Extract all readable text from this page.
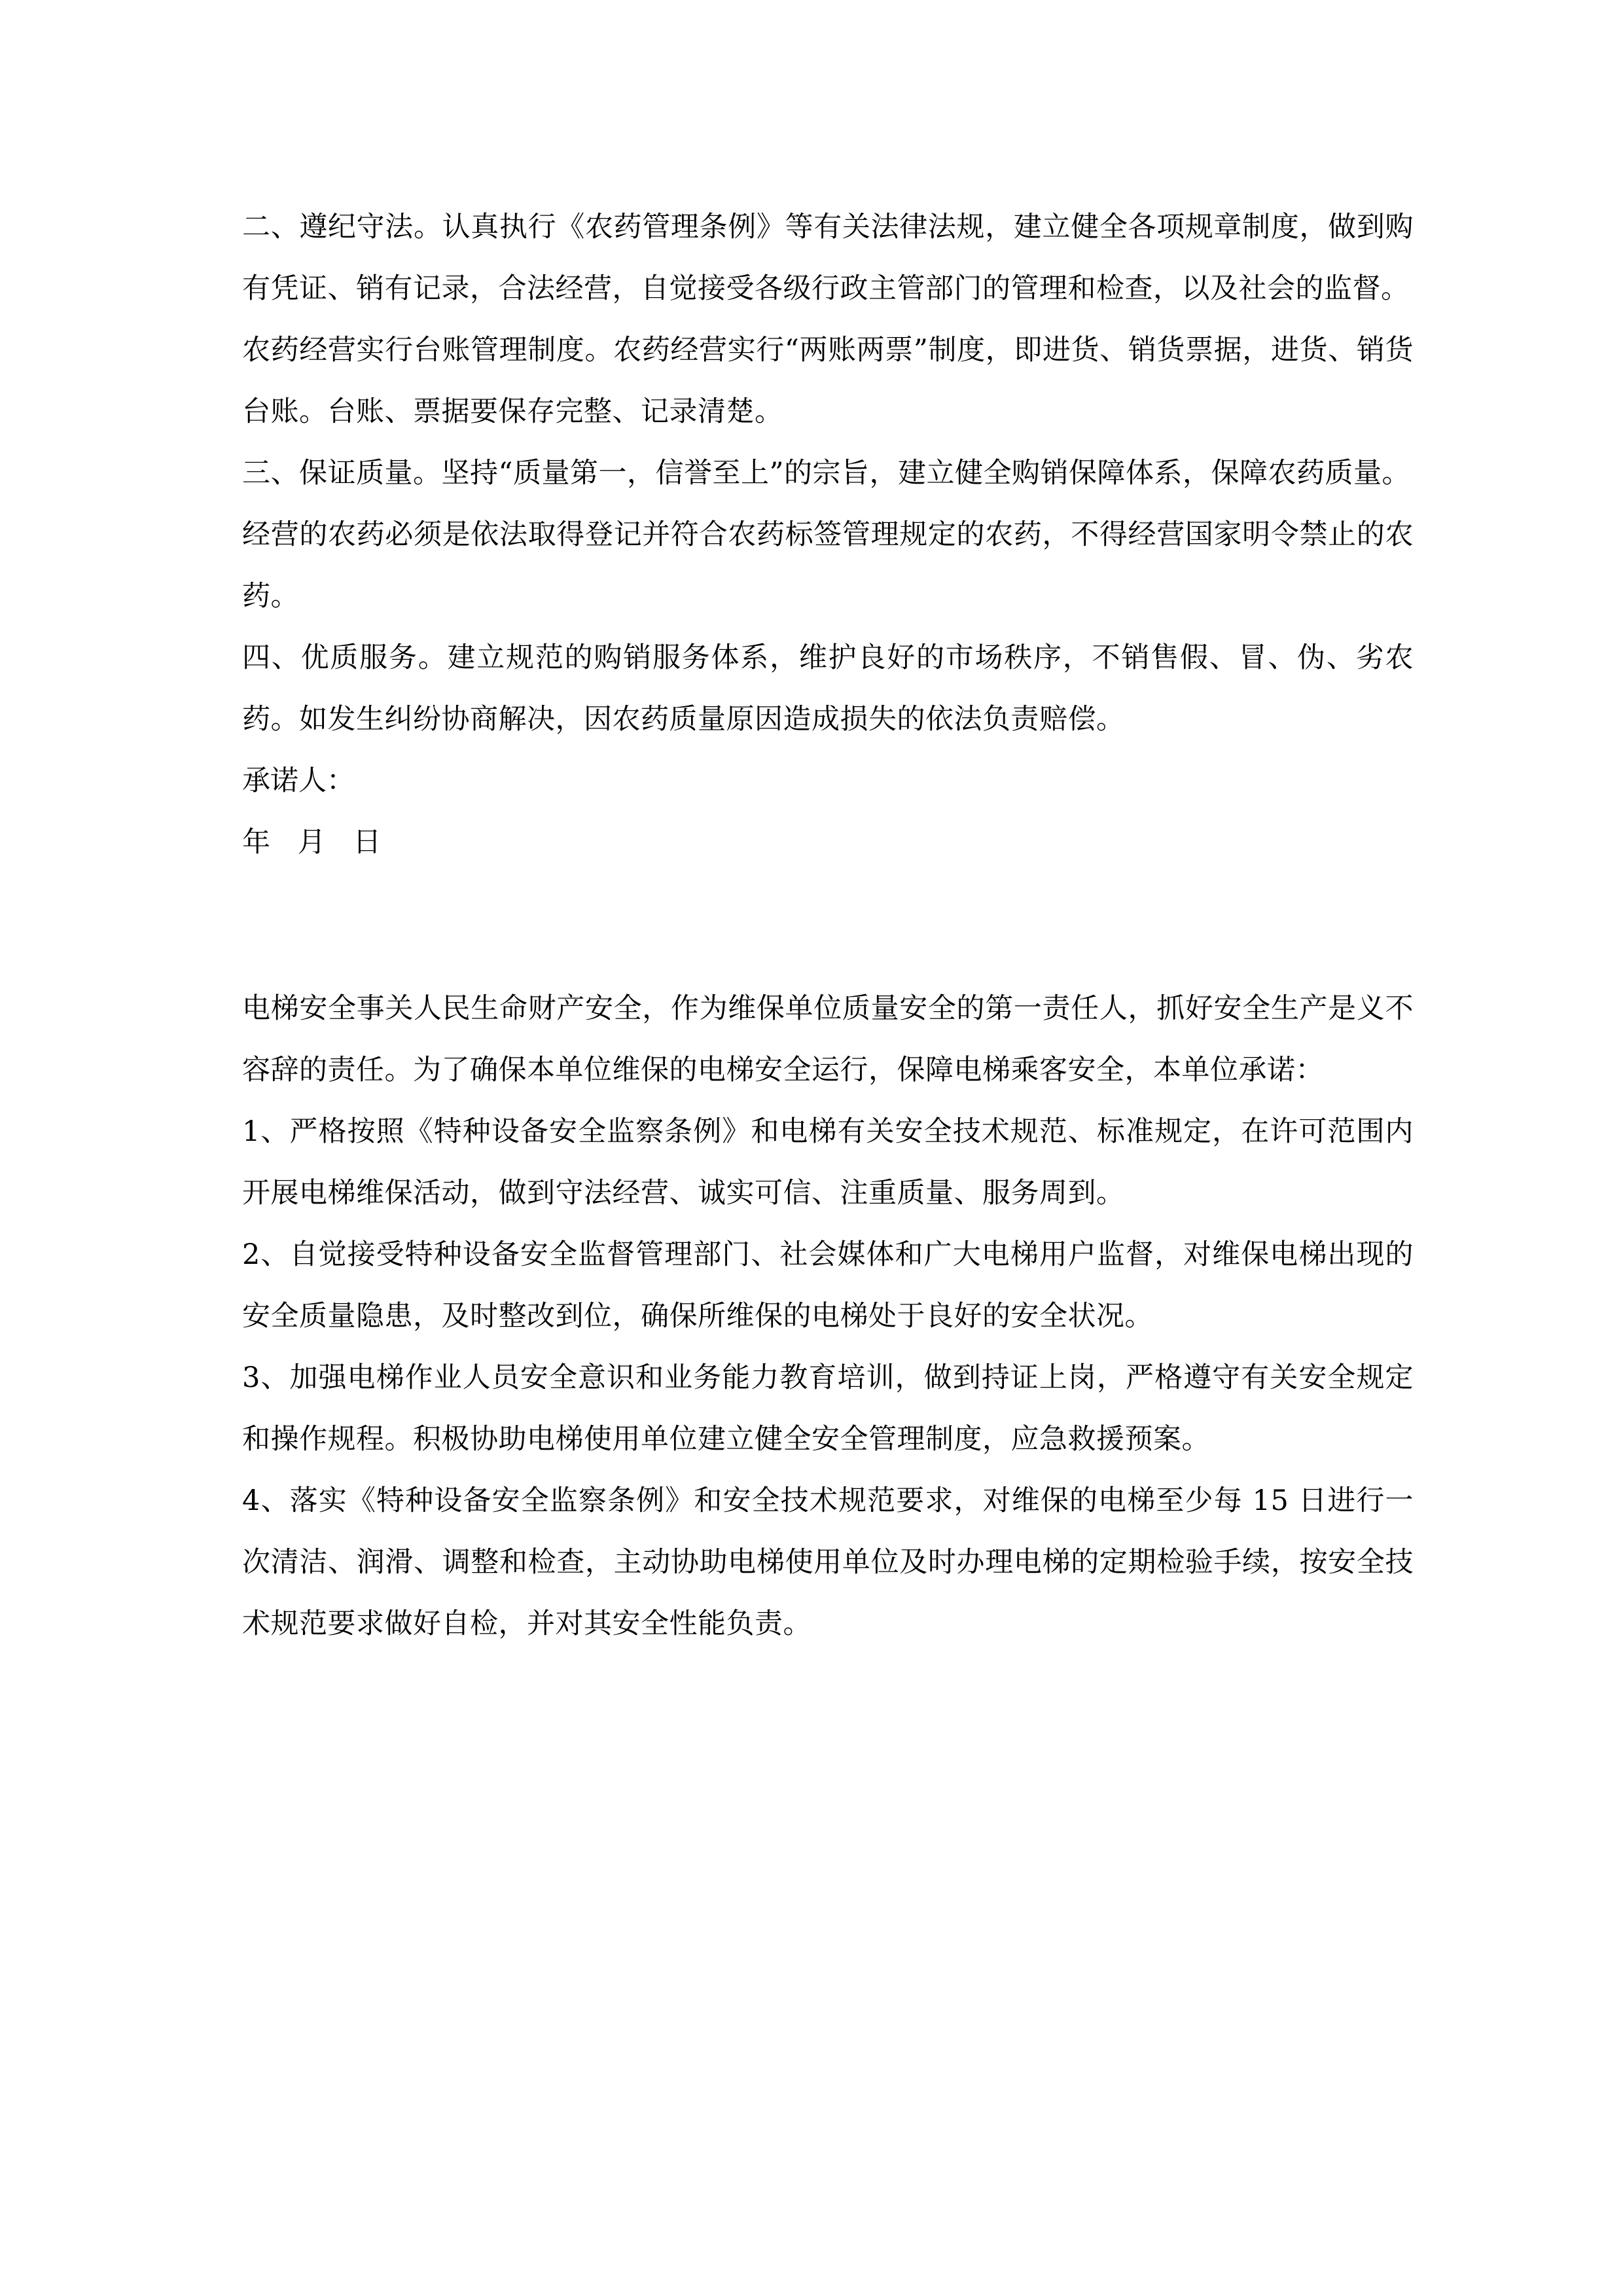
二、遵纪守法。认真执行《农药管理条例》等有关法律法规，建立健全各项规章制度，做到购有凭证、销有记录，合法经营，自觉接受各级行政主管部门的管理和检查，以及社会的监督。

农药经营实行台账管理制度。农药经营实行“两账两票”制度，即进货、销货票据，进货、销货台账。台账、票据要保存完整、记录清楚。

三、保证质量。坚持“质量第一，信誉至上”的宗旨，建立健全购销保障体系，保障农药质量。

经营的农药必须是依法取得登记并符合农药标签管理规定的农药，不得经营国家明令禁止的农药。

四、优质服务。建立规范的购销服务体系，维护良好的市场秩序，不销售假、冒、伪、劣农药。如发生纠纷协商解决，因农药质量原因造成损失的依法负责赔偿。

承诺人：

年 月 日

电梯安全事关人民生命财产安全，作为维保单位质量安全的第一责任人，抓好安全生产是义不容辞的责任。为了确保本单位维保的电梯安全运行，保障电梯乘客安全，本单位承诺：

1、严格按照《特种设备安全监察条例》和电梯有关安全技术规范、标准规定，在许可范围内开展电梯维保活动，做到守法经营、诚实可信、注重质量、服务周到。

2、自觉接受特种设备安全监督管理部门、社会媒体和广大电梯用户监督，对维保电梯出现的安全质量隐患，及时整改到位，确保所维保的电梯处于良好的安全状况。

3、加强电梯作业人员安全意识和业务能力教育培训，做到持证上岗，严格遵守有关安全规定和操作规程。积极协助电梯使用单位建立健全安全管理制度，应急救援预案。

4、落实《特种设备安全监察条例》和安全技术规范要求，对维保的电梯至少每 15 日进行一次清洁、润滑、调整和检查，主动协助电梯使用单位及时办理电梯的定期检验手续，按安全技术规范要求做好自检，并对其安全性能负责。
